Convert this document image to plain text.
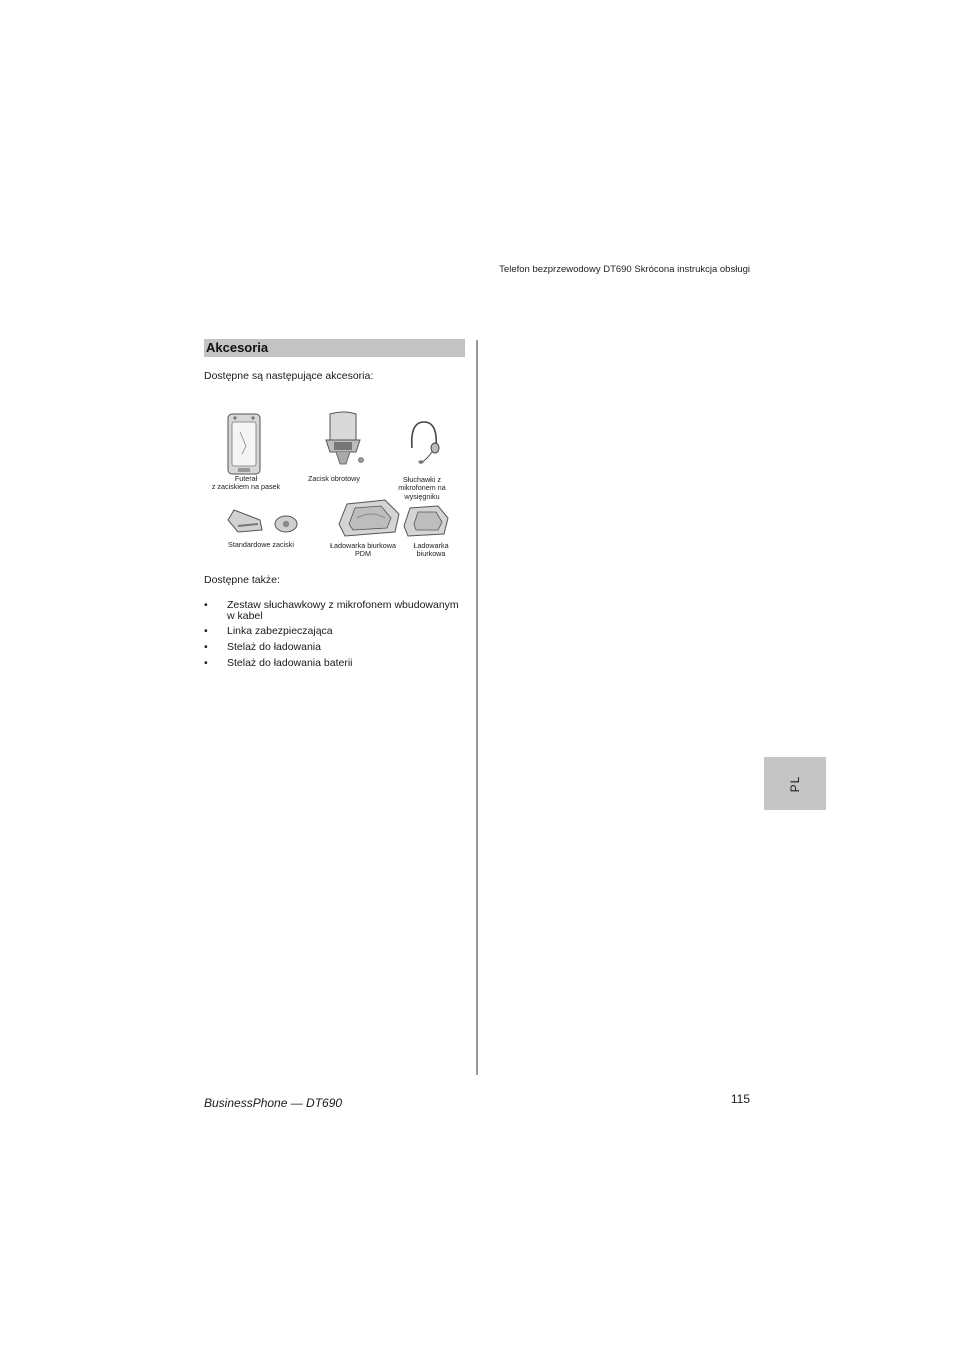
Telefon bezprzewodowy DT690 Skrócona instrukcja obsługi
Akcesoria
Dostępne są następujące akcesoria:
Futerał
z zaciskiem na pasek
Zacisk obrotowy	Słuchawki z
mikrofonem na
wysięgniku
Standardowe zaciski	Ładowarka biurkowa
PDM
Ładowarka
biurkowa
Dostępne także:
• Zestaw słuchawkowy z mikrofonem wbudowanym w kabel
• Linka zabezpieczająca
• Stelaż do ładowania
• Stelaż do ładowania baterii
PL
BusinessPhone — DT690	115
